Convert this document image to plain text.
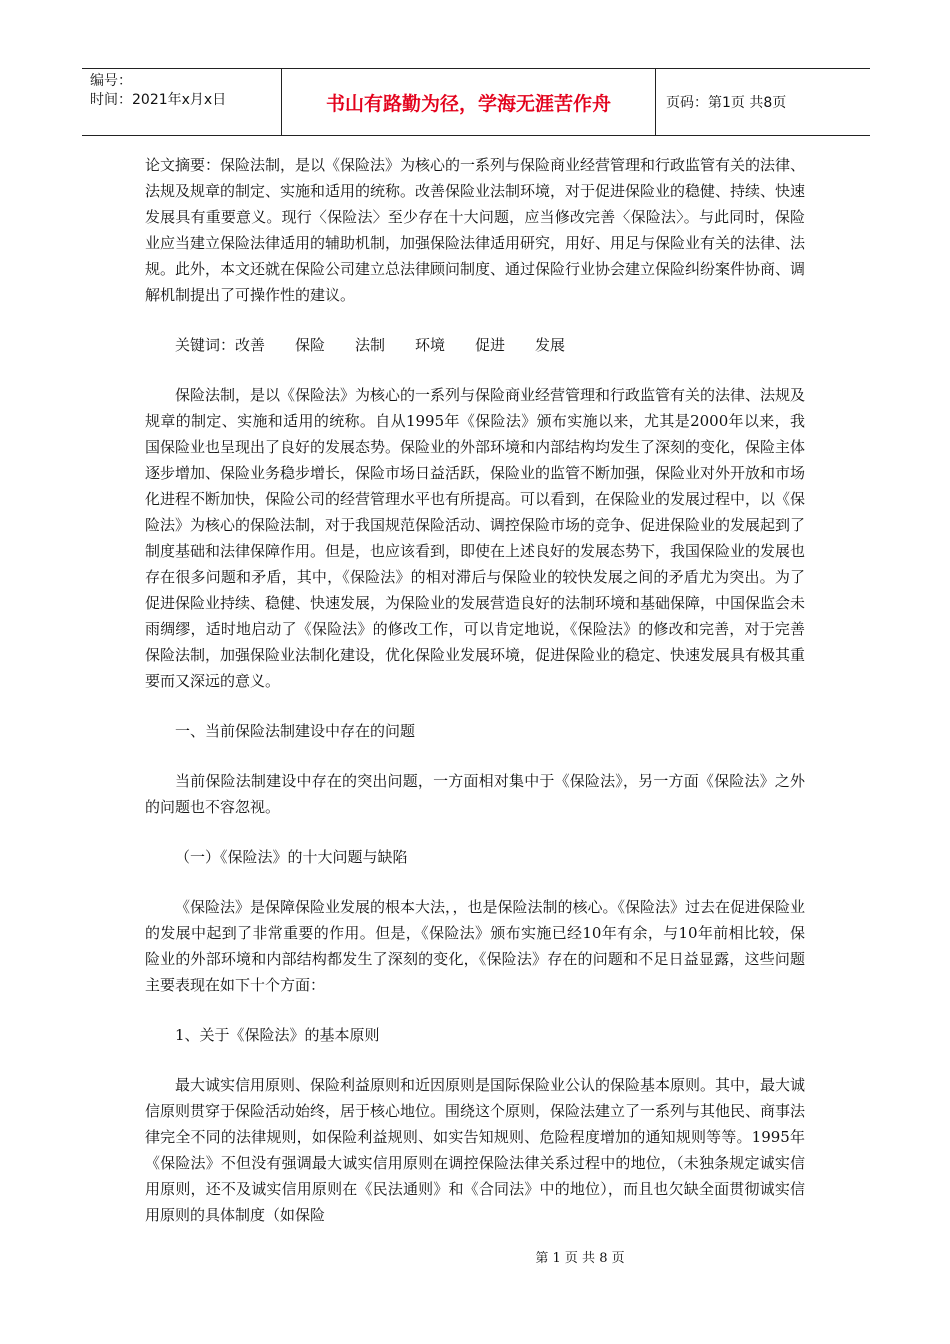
编号：
时间：2021年x月x日	书山有路勤为径，学海无涯苦作舟	页码：第1页 共8页

论文摘要：保险法制，是以《保险法》为核心的一系列与保险商业经营管理和行政监管有关的法律、法规及规章的制定、实施和适用的统称。改善保险业法制环境，对于促进保险业的稳健、持续、快速发展具有重要意义。现行〈保险法〉至少存在十大问题，应当修改完善〈保险法〉。与此同时，保险业应当建立保险法律适用的辅助机制，加强保险法律适用研究，用好、用足与保险业有关的法律、法规。此外，本文还就在保险公司建立总法律顾问制度、通过保险行业协会建立保险纠纷案件协商、调解机制提出了可操作性的建议。

关键词：改善　　保险　　法制　　环境　　促进　　发展

保险法制，是以《保险法》为核心的一系列与保险商业经营管理和行政监管有关的法律、法规及规章的制定、实施和适用的统称。自从1995年《保险法》颁布实施以来，尤其是2000年以来，我国保险业也呈现出了良好的发展态势。保险业的外部环境和内部结构均发生了深刻的变化，保险主体逐步增加、保险业务稳步增长，保险市场日益活跃，保险业的监管不断加强，保险业对外开放和市场化进程不断加快，保险公司的经营管理水平也有所提高。可以看到，在保险业的发展过程中，以《保险法》为核心的保险法制，对于我国规范保险活动、调控保险市场的竞争、促进保险业的发展起到了制度基础和法律保障作用。但是，也应该看到，即使在上述良好的发展态势下，我国保险业的发展也存在很多问题和矛盾，其中，《保险法》的相对滞后与保险业的较快发展之间的矛盾尤为突出。为了促进保险业持续、稳健、快速发展，为保险业的发展营造良好的法制环境和基础保障，中国保监会未雨绸缪，适时地启动了《保险法》的修改工作，可以肯定地说，《保险法》的修改和完善，对于完善保险法制，加强保险业法制化建设，优化保险业发展环境，促进保险业的稳定、快速发展具有极其重要而又深远的意义。

一、当前保险法制建设中存在的问题

当前保险法制建设中存在的突出问题，一方面相对集中于《保险法》，另一方面《保险法》之外的问题也不容忽视。

（一）《保险法》的十大问题与缺陷

《保险法》是保障保险业发展的根本大法，，也是保险法制的核心。《保险法》过去在促进保险业的发展中起到了非常重要的作用。但是，《保险法》颁布实施已经10年有余，与10年前相比较，保险业的外部环境和内部结构都发生了深刻的变化，《保险法》存在的问题和不足日益显露，这些问题主要表现在如下十个方面：

1、关于《保险法》的基本原则

最大诚实信用原则、保险利益原则和近因原则是国际保险业公认的保险基本原则。其中，最大诚信原则贯穿于保险活动始终，居于核心地位。围绕这个原则，保险法建立了一系列与其他民、商事法律完全不同的法律规则，如保险利益规则、如实告知规则、危险程度增加的通知规则等等。1995年《保险法》不但没有强调最大诚实信用原则在调控保险法律关系过程中的地位，（未独条规定诚实信用原则，还不及诚实信用原则在《民法通则》和《合同法》中的地位），而且也欠缺全面贯彻诚实信用原则的具体制度（如保险

第 1 页 共 8 页
